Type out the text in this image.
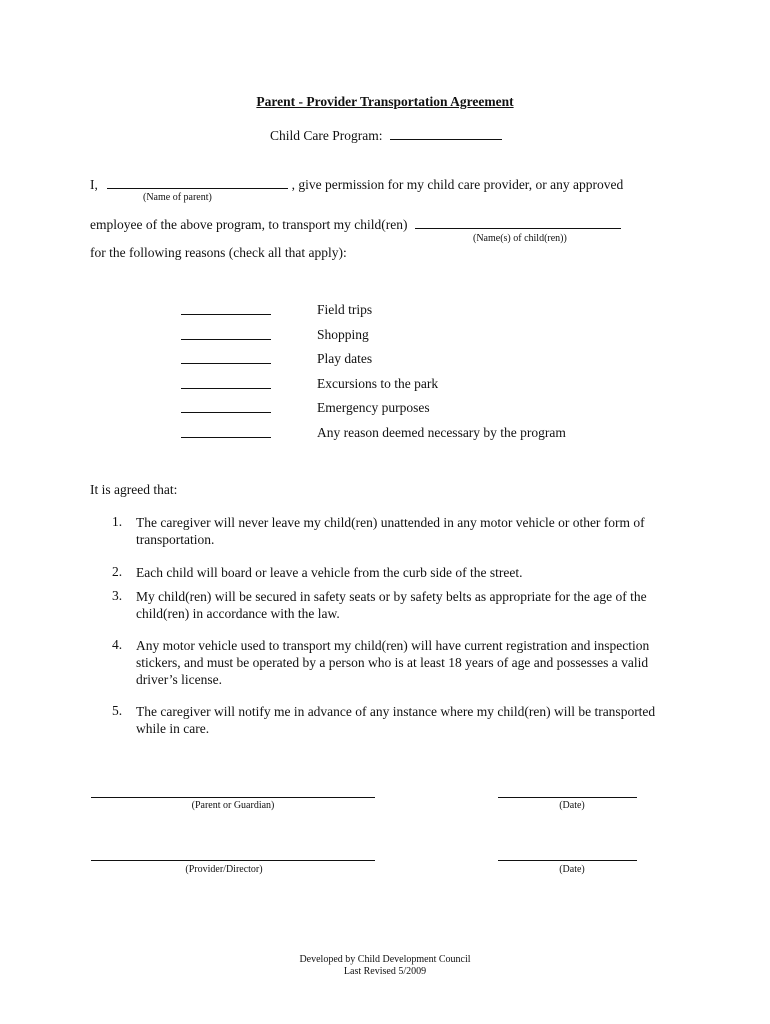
Parent - Provider Transportation Agreement
Child Care Program:
I,	, give permission for my child care provider, or any approved
(Name of parent)
employee of the above program, to transport my child(ren)
(Name(s) of child(ren))
for the following reasons (check all that apply):
Field trips
Shopping
Play dates
Excursions to the park
Emergency purposes
Any reason deemed necessary by the program
It is agreed that:
1. The caregiver will never leave my child(ren) unattended in any motor vehicle or other form of transportation.
2. Each child will board or leave a vehicle from the curb side of the street.
3. My child(ren) will be secured in safety seats or by safety belts as appropriate for the age of the child(ren) in accordance with the law.
4. Any motor vehicle used to transport my child(ren) will have current registration and inspection stickers, and must be operated by a person who is at least 18 years of age and possesses a valid driver’s license.
5. The caregiver will notify me in advance of any instance where my child(ren) will be transported while in care.
(Parent or Guardian)	(Date)
(Provider/Director)	(Date)
Developed by Child Development Council
Last Revised 5/2009
